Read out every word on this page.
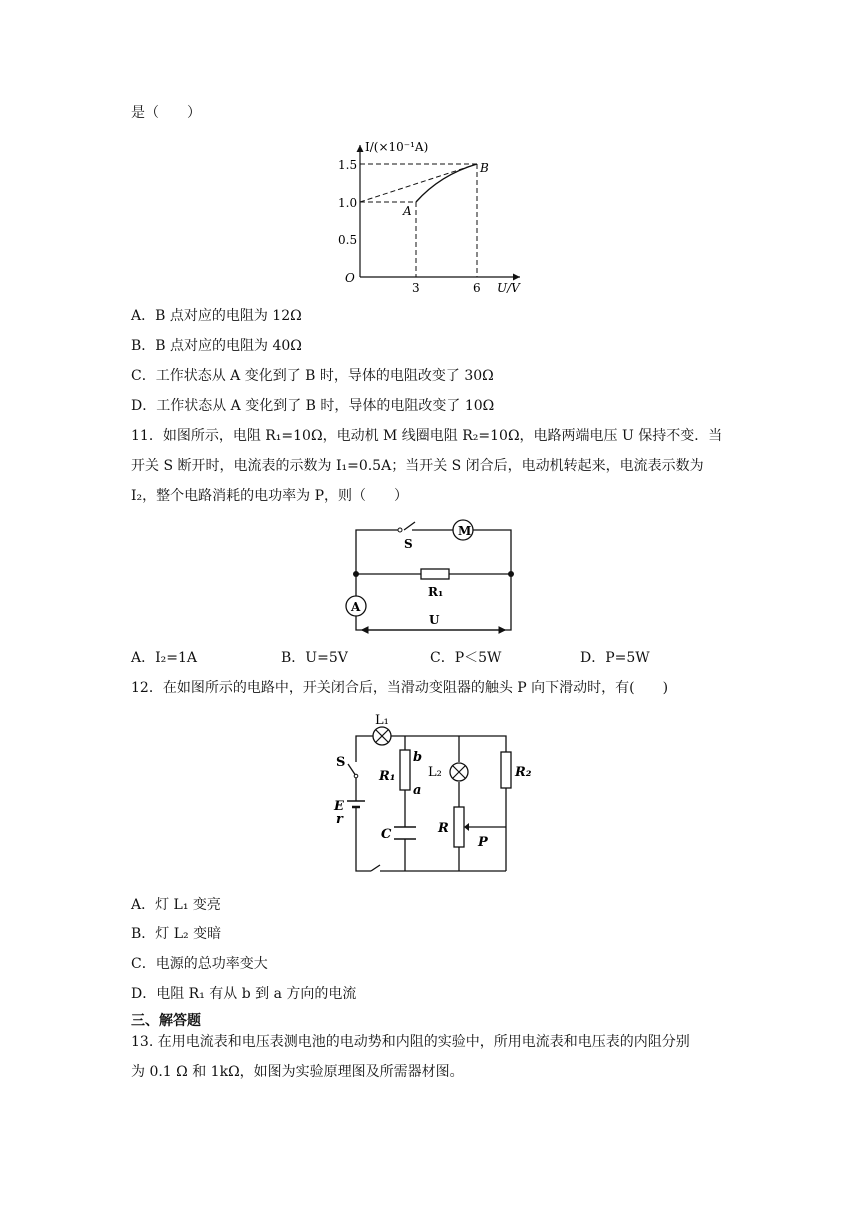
是（　　）
I/(×10⁻¹A)
U/V
O
1.5
1.0
0.5
3	6
A
B
A．B 点对应的电阻为 12Ω
B．B 点对应的电阻为 40Ω
C．工作状态从 A 变化到了 B 时，导体的电阻改变了 30Ω
D．工作状态从 A 变化到了 B 时，导体的电阻改变了 10Ω
11．如图所示，电阻 R₁=10Ω，电动机 M 线圈电阻 R₂=10Ω，电路两端电压 U 保持不变．当
开关 S 断开时，电流表的示数为 I₁=0.5A；当开关 S 闭合后，电动机转起来，电流表示数为
I₂，整个电路消耗的电功率为 P，则（　　）
M
S
R₁
A
U
A．I₂=1A	B．U=5V	C．P＜5W	D．P=5W
12．在如图所示的电路中，开关闭合后，当滑动变阻器的触头 P 向下滑动时，有(　　)
L₁
S
E
r
R₁
b
a
C
L₂
R
P
R₂
A．灯 L₁ 变亮
B．灯 L₂ 变暗
C．电源的总功率变大
D．电阻 R₁ 有从 b 到 a 方向的电流
三、解答题
13. 在用电流表和电压表测电池的电动势和内阻的实验中，所用电流表和电压表的内阻分别
为 0.1 Ω 和 1kΩ，如图为实验原理图及所需器材图。
